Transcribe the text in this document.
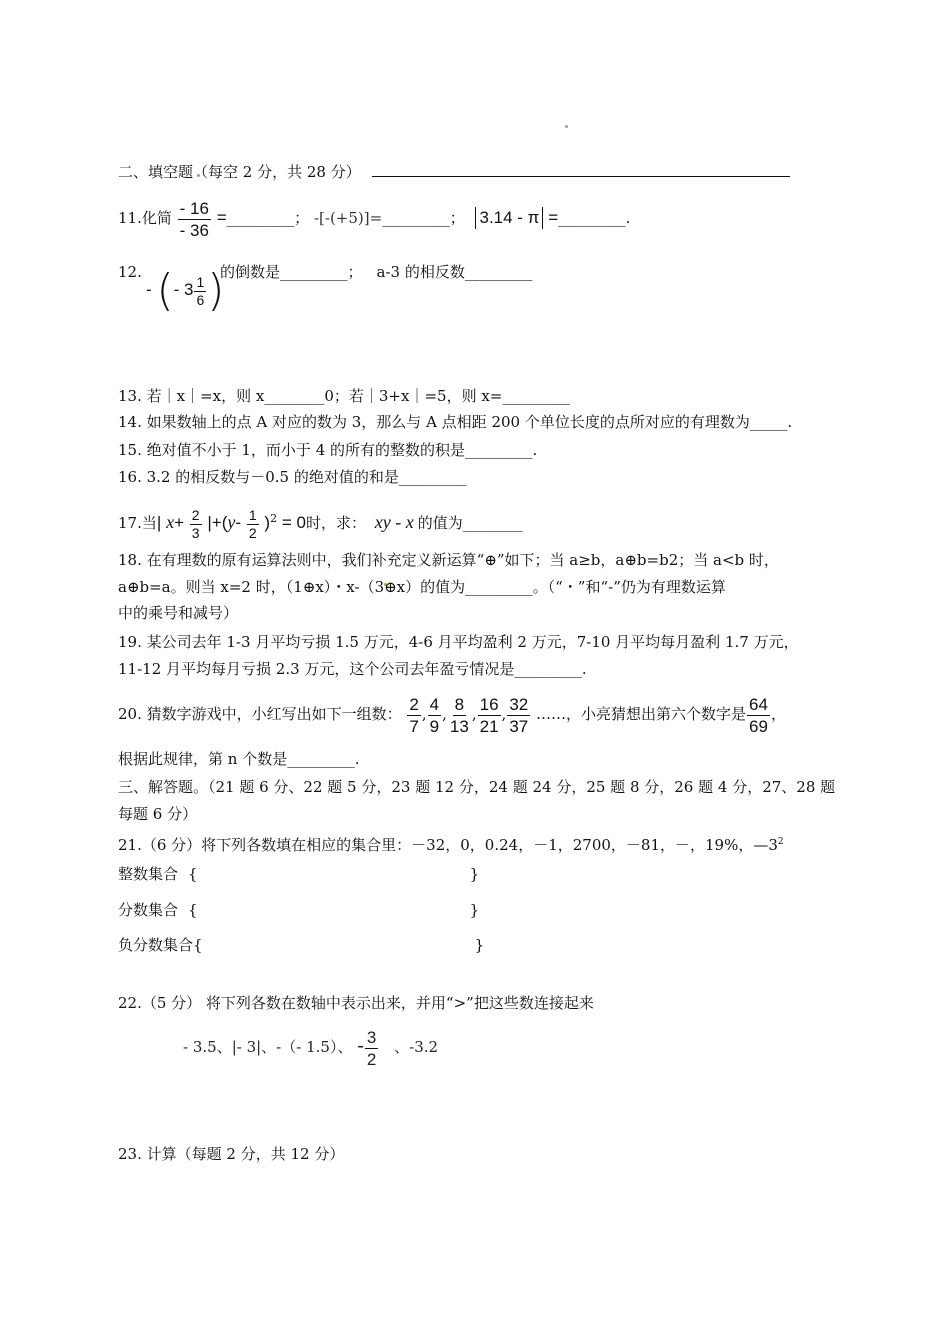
二、填空题（每空 2 分，共 28 分）
11.化简 $\frac{- 16}{- 36}$ =_________； -[-(+5)]=_________； 3.14 - π =_________.
12.
- (- $3 \frac{1}{6}$ )
的倒数是_________； a-3 的相反数_________
13. 若｜x｜=x，则 x________0；若｜3+x｜=5，则 x=_________
14. 如果数轴上的点 A 对应的数为 3，那么与 A 点相距 200 个单位长度的点所对应的有理数为_____.
15. 绝对值不小于 1，而小于 4 的所有的整数的积是_________.
16. 3.2 的相反数与－0.5 的绝对值的和是_________
17.当| $x+ \frac{2}{3} |+(y- \frac{1}{2} )^2 = 0$时，求： xy - x 的值为________
18. 在有理数的原有运算法则中，我们补充定义新运算“⊕”如下；当 a≥b，a⊕b=b2；当 a<b 时，
a⊕b=a。则当 x=2 时，（1⊕x）・x-（3⊕x）的值为_________。（“・”和“-”仍为有理数运算
中的乘号和减号）
19. 某公司去年 1-3 月平均亏损 1.5 万元，4-6 月平均盈利 2 万元，7-10 月平均每月盈利 1.7 万元，
11-12 月平均每月亏损 2.3 万元，这个公司去年盈亏情况是_________.
20. 猜数字游戏中，小红写出如下一组数： $\frac{2}{7}$ , $\frac{4}{9}$ , $\frac{8}{13}$ , $\frac{16}{21}$ , $\frac{32}{37}$ ……，小亮猜想出第六个数字是 $\frac{64}{69}$ ，
根据此规律，第 n 个数是_________.
三、解答题。（21 题 6 分、22 题 5 分，23 题 12 分，24 题 24 分，25 题 8 分，26 题 4 分，27、28 题
每题 6 分）
21.（6 分）将下列各数填在相应的集合里：－32，0，0.24，－1，2700，－81，－，19%，$—3^2$
整数集合 {	}
分数集合 {	}
负分数集合{	}
22.（5 分） 将下列各数在数轴中表示出来，并用“>”把这些数连接起来
- 3.5、|- 3|、-（- 1.5）、 - $\frac{3}{2}$ 、-3.2
23. 计算（每题 2 分，共 12 分）
